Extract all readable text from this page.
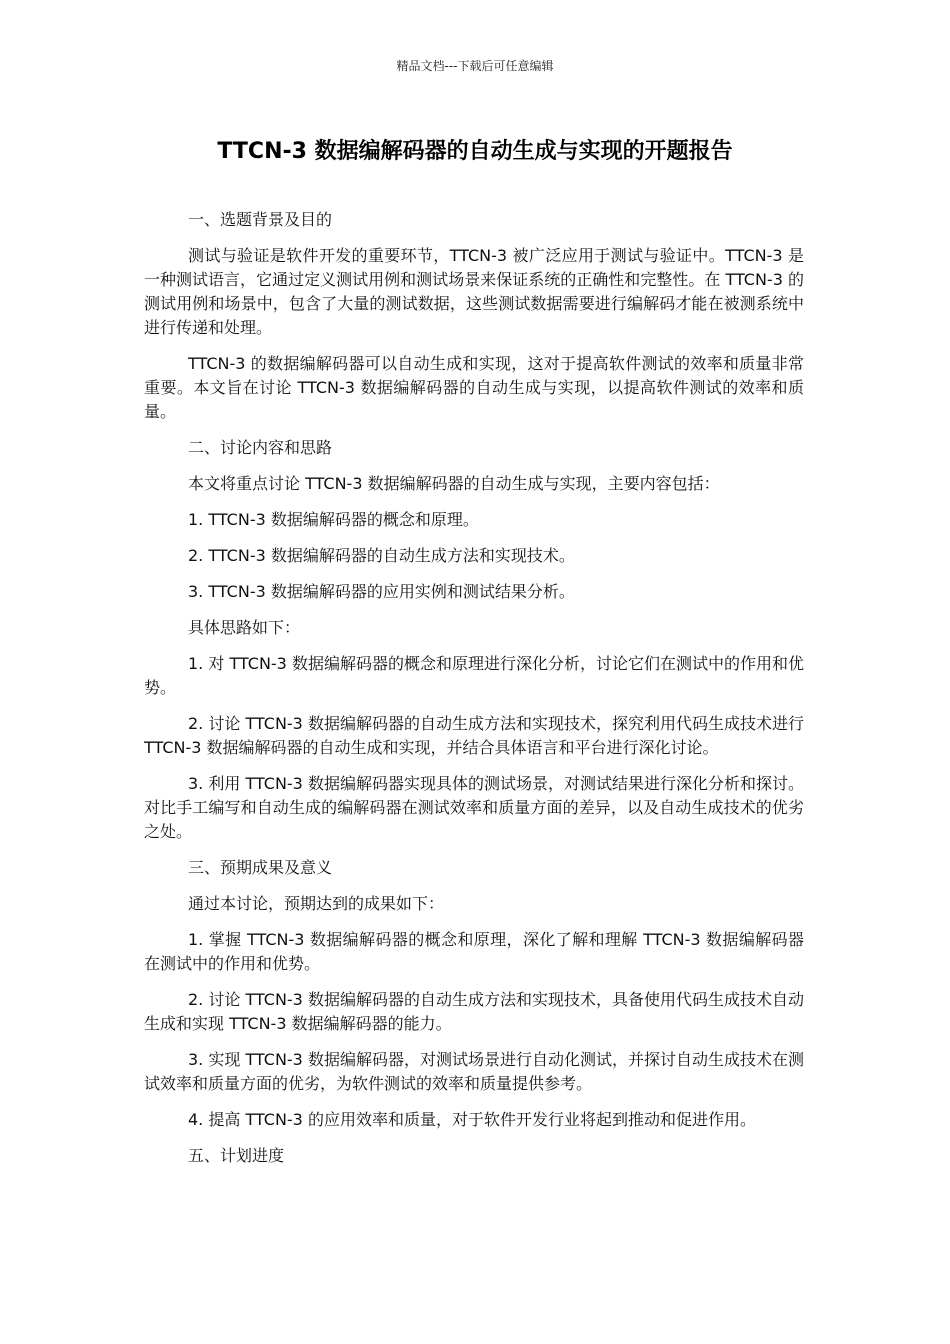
精品文档---下载后可任意编辑
TTCN-3 数据编解码器的自动生成与实现的开题报告

一、选题背景及目的

测试与验证是软件开发的重要环节，TTCN-3 被广泛应用于测试与验证中。TTCN-3 是一种测试语言，它通过定义测试用例和测试场景来保证系统的正确性和完整性。在 TTCN-3 的测试用例和场景中，包含了大量的测试数据，这些测试数据需要进行编解码才能在被测系统中进行传递和处理。

TTCN-3 的数据编解码器可以自动生成和实现，这对于提高软件测试的效率和质量非常重要。本文旨在讨论 TTCN-3 数据编解码器的自动生成与实现，以提高软件测试的效率和质量。

二、讨论内容和思路

本文将重点讨论 TTCN-3 数据编解码器的自动生成与实现，主要内容包括：

1. TTCN-3 数据编解码器的概念和原理。

2. TTCN-3 数据编解码器的自动生成方法和实现技术。

3. TTCN-3 数据编解码器的应用实例和测试结果分析。

具体思路如下：

1. 对 TTCN-3 数据编解码器的概念和原理进行深化分析，讨论它们在测试中的作用和优势。

2. 讨论 TTCN-3 数据编解码器的自动生成方法和实现技术，探究利用代码生成技术进行 TTCN-3 数据编解码器的自动生成和实现，并结合具体语言和平台进行深化讨论。

3. 利用 TTCN-3 数据编解码器实现具体的测试场景，对测试结果进行深化分析和探讨。对比手工编写和自动生成的编解码器在测试效率和质量方面的差异，以及自动生成技术的优劣之处。

三、预期成果及意义

通过本讨论，预期达到的成果如下：

1. 掌握 TTCN-3 数据编解码器的概念和原理，深化了解和理解 TTCN-3 数据编解码器在测试中的作用和优势。

2. 讨论 TTCN-3 数据编解码器的自动生成方法和实现技术，具备使用代码生成技术自动生成和实现 TTCN-3 数据编解码器的能力。

3. 实现 TTCN-3 数据编解码器，对测试场景进行自动化测试，并探讨自动生成技术在测试效率和质量方面的优劣，为软件测试的效率和质量提供参考。

4. 提高 TTCN-3 的应用效率和质量，对于软件开发行业将起到推动和促进作用。

五、计划进度
